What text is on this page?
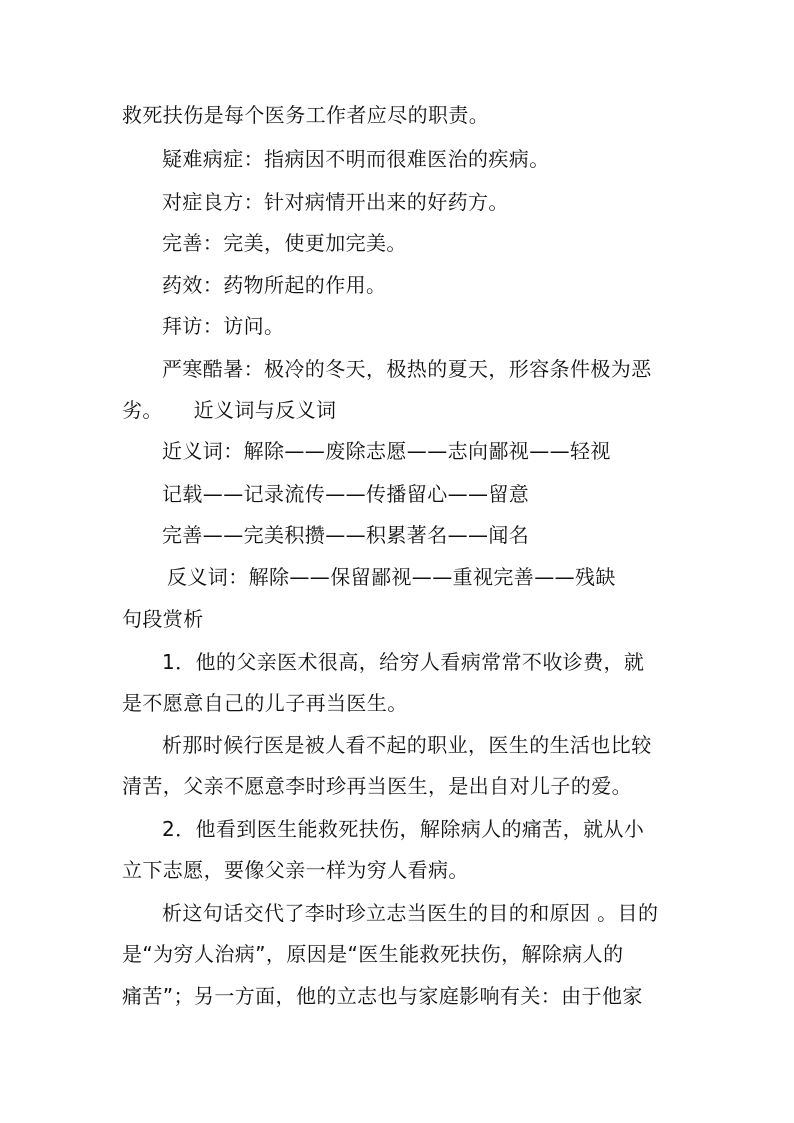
救死扶伤是每个医务工作者应尽的职责。
疑难病症：指病因不明而很难医治的疾病。
对症良方：针对病情开出来的好药方。
完善：完美，使更加完美。
药效：药物所起的作用。
拜访：访问。
严寒酷暑：极冷的冬天，极热的夏天，形容条件极为恶
劣。　　近义词与反义词
近义词：解除——废除志愿——志向鄙视——轻视
记载——记录流传——传播留心——留意
完善——完美积攒——积累著名——闻名
反义词：解除——保留鄙视——重视完善——残缺
句段赏析
1．他的父亲医术很高，给穷人看病常常不收诊费，就
是不愿意自己的儿子再当医生。
析那时候行医是被人看不起的职业，医生的生活也比较
清苦，父亲不愿意李时珍再当医生，是出自对儿子的爱。
2．他看到医生能救死扶伤，解除病人的痛苦，就从小
立下志愿，要像父亲一样为穷人看病。
析这句话交代了李时珍立志当医生的目的和原因 。目的
是“为穷人治病”，原因是“医生能救死扶伤，解除病人的
痛苦”；另一方面，他的立志也与家庭影响有关：由于他家
